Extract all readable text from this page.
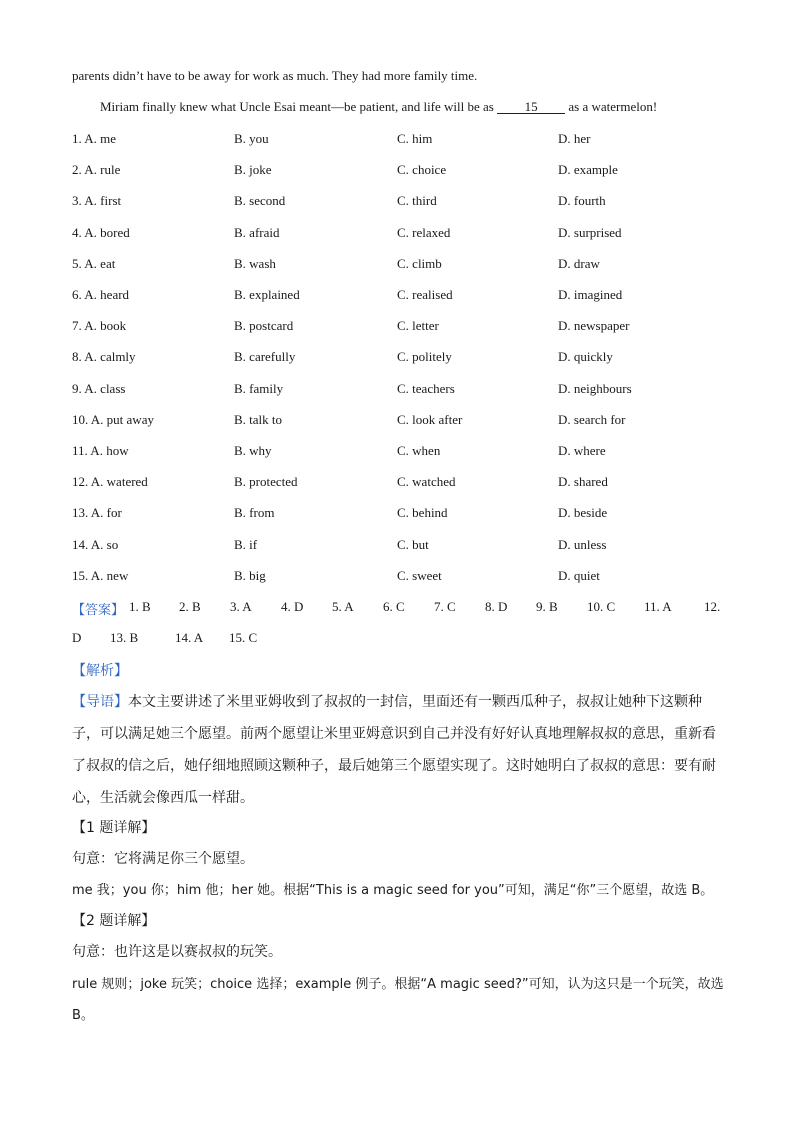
parents didn’t have to be away for work as much. They had more family time.
Miriam finally knew what Uncle Esai meant—be patient, and life will be as 15 as a watermelon!
1. A. me	B. you	C. him	D. her
2. A. rule	B. joke	C. choice	D. example
3. A. first	B. second	C. third	D. fourth
4. A. bored	B. afraid	C. relaxed	D. surprised
5. A. eat	B. wash	C. climb	D. draw
6. A. heard	B. explained	C. realised	D. imagined
7. A. book	B. postcard	C. letter	D. newspaper
8. A. calmly	B. carefully	C. politely	D. quickly
9. A. class	B. family	C. teachers	D. neighbours
10. A. put away	B. talk to	C. look after	D. search for
11. A. how	B. why	C. when	D. where
12. A. watered	B. protected	C. watched	D. shared
13. A. for	B. from	C. behind	D. beside
14. A. so	B. if	C. but	D. unless
15. A. new	B. big	C. sweet	D. quiet
【答案】 1. B 2. B 3. A 4. D 5. A 6. C 7. C 8. D 9. B 10. C 11. A 12.
D 13. B	14. A 15. C
【解析】
【导语】本文主要讲述了米里亚姆收到了叔叔的一封信，里面还有一颗西瓜种子，叔叔让她种下这颗种
子，可以满足她三个愿望。前两个愿望让米里亚姆意识到自己并没有好好认真地理解叔叔的意思，重新看
了叔叔的信之后，她仔细地照顾这颗种子，最后她第三个愿望实现了。这时她明白了叔叔的意思：要有耐
心，生活就会像西瓜一样甜。
【1 题详解】
句意：它将满足你三个愿望。
me 我；you 你；him 他；her 她。根据“This is a magic seed for you”可知，满足“你”三个愿望，故选 B。
【2 题详解】
句意：也许这是以赛叔叔的玩笑。
rule 规则；joke 玩笑；choice 选择；example 例子。根据“A magic seed?”可知，认为这只是一个玩笑，故选
B。
